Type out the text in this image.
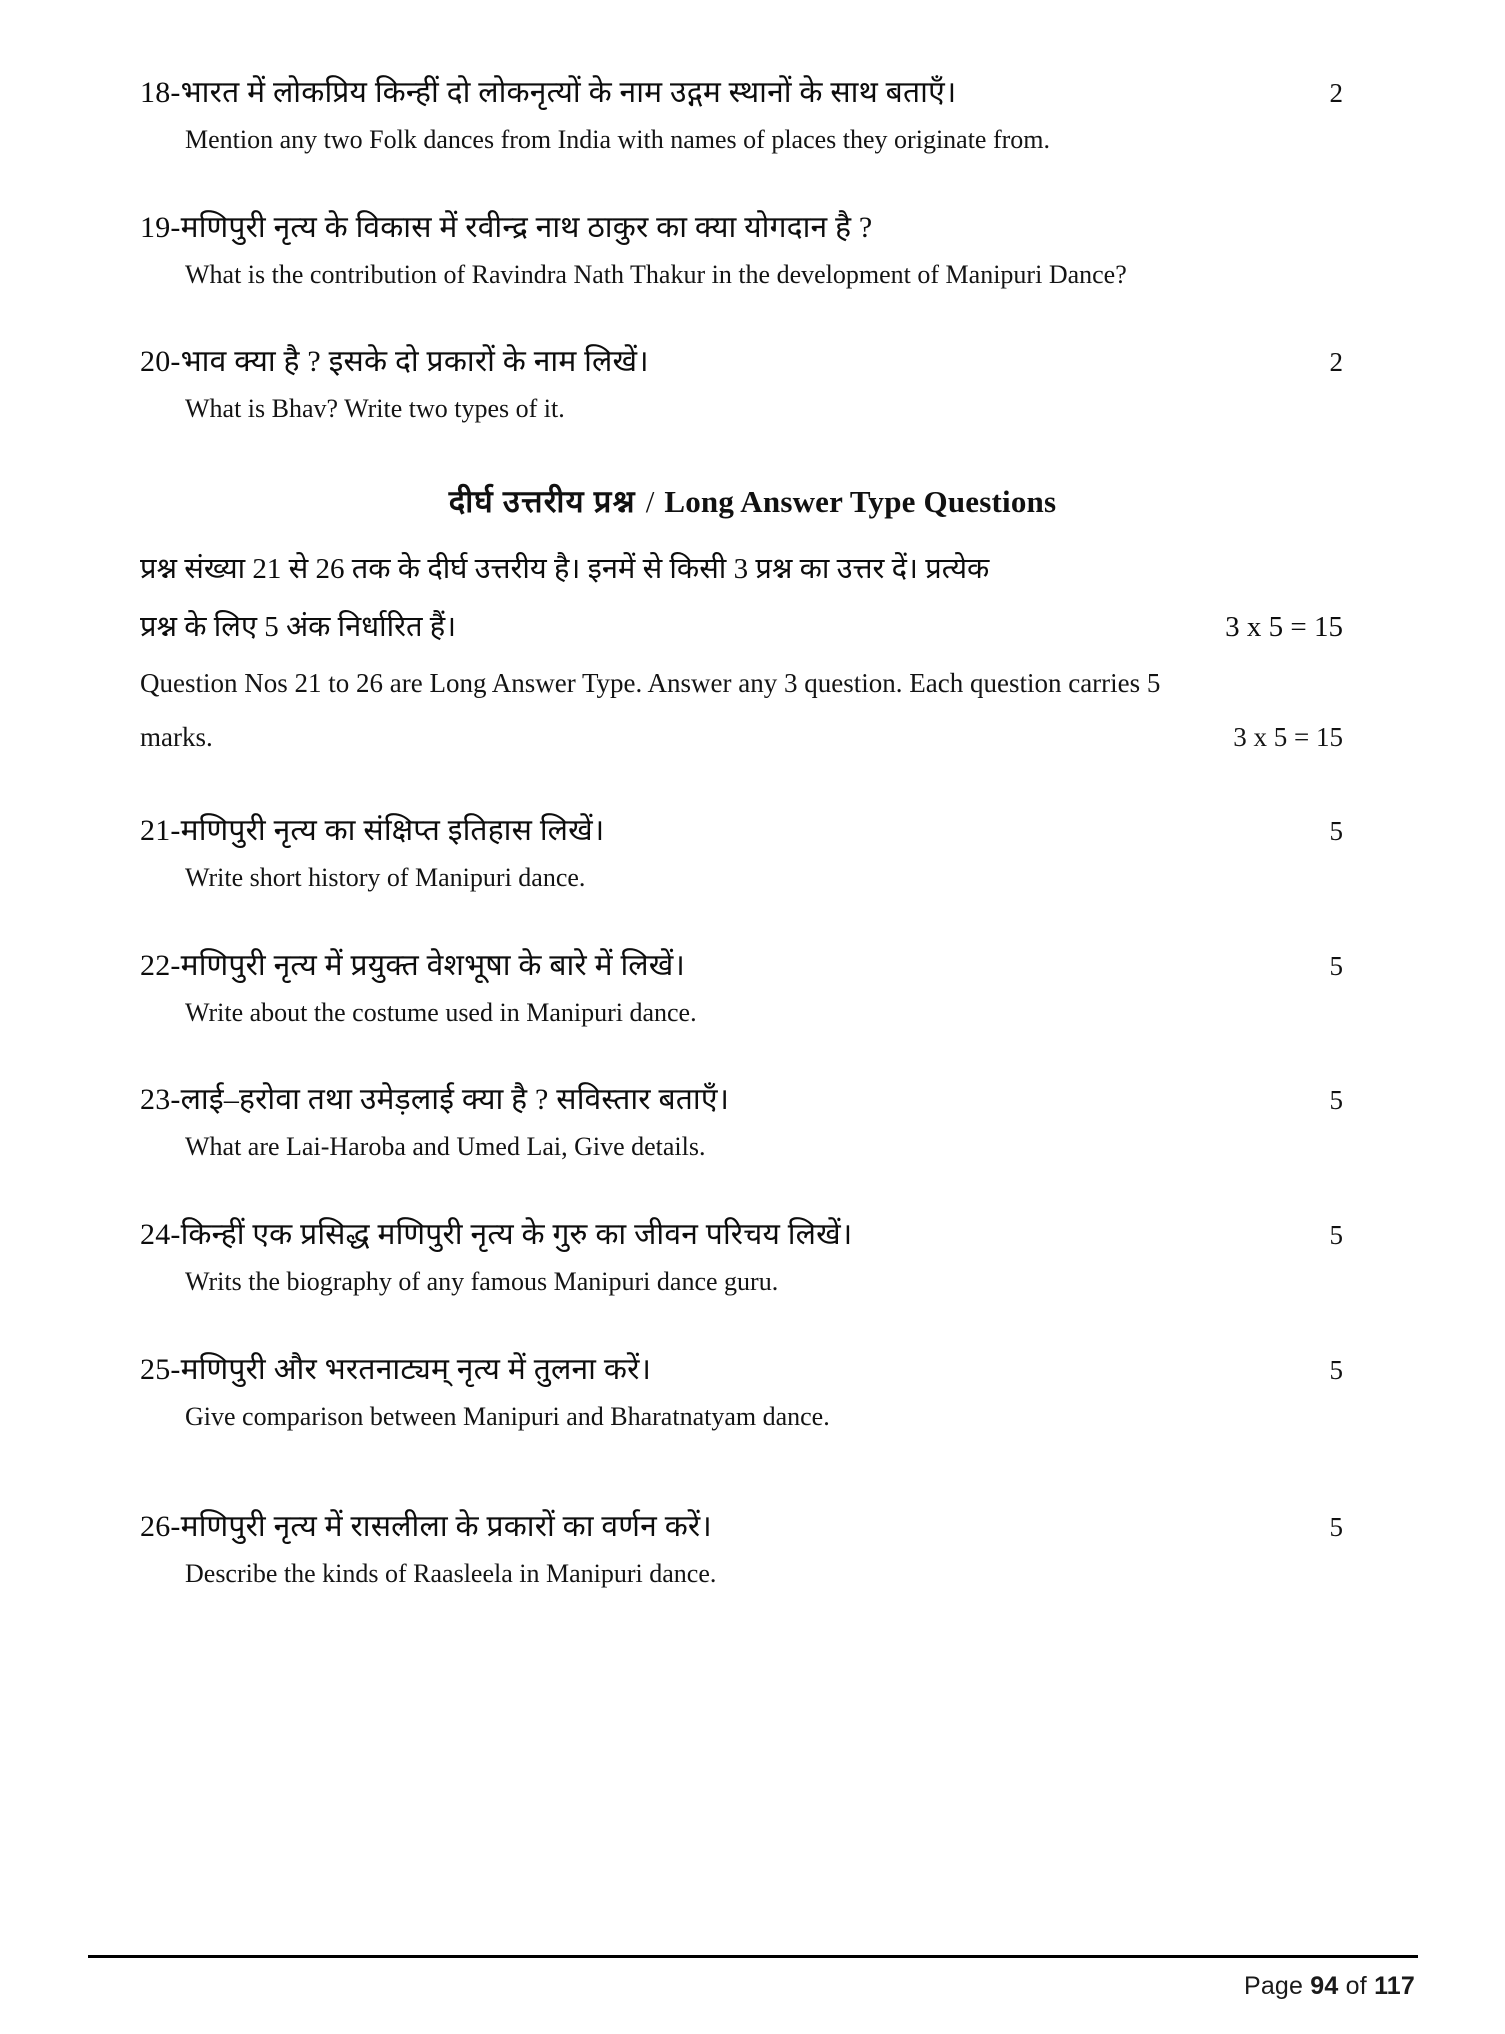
18-भारत में लोकप्रिय किन्हीं दो लोकनृत्यों के नाम उद्गम स्थानों के साथ बताएँ।	2
Mention any two Folk dances from India with names of places they originate from.
19-मणिपुरी नृत्य के विकास में रवीन्द्र नाथ ठाकुर का क्या योगदान है ?
What is the contribution of Ravindra Nath Thakur in the development of Manipuri Dance?
20-भाव क्या है ? इसके दो प्रकारों के नाम लिखें।	2
What is Bhav? Write two types of it.
दीर्घ उत्तरीय प्रश्न / Long Answer Type Questions
प्रश्न संख्या 21 से 26 तक के दीर्घ उत्तरीय है। इनमें से किसी 3 प्रश्न का उत्तर दें। प्रत्येक
प्रश्न के लिए 5 अंक निर्धारित हैं।	3 x 5 = 15
Question Nos 21 to 26 are Long Answer Type. Answer any 3 question. Each question carries 5
marks.	3 x 5 = 15
21-मणिपुरी नृत्य का संक्षिप्त इतिहास लिखें।	5
Write short history of Manipuri dance.
22-मणिपुरी नृत्य में प्रयुक्त वेशभूषा के बारे में लिखें।	5
Write about the costume used in Manipuri dance.
23-लाई–हरोवा तथा उमेड़लाई क्या है ? सविस्तार बताएँ।	5
What are Lai-Haroba and Umed Lai, Give details.
24-किन्हीं एक प्रसिद्ध मणिपुरी नृत्य के गुरु का जीवन परिचय लिखें।	5
Writs the biography of any famous Manipuri dance guru.
25-मणिपुरी और भरतनाट्यम् नृत्य में तुलना करें।	5
Give comparison between Manipuri and Bharatnatyam dance.
26-मणिपुरी नृत्य में रासलीला के प्रकारों का वर्णन करें।	5
Describe the kinds of Raasleela in Manipuri dance.
Page 94 of 117
